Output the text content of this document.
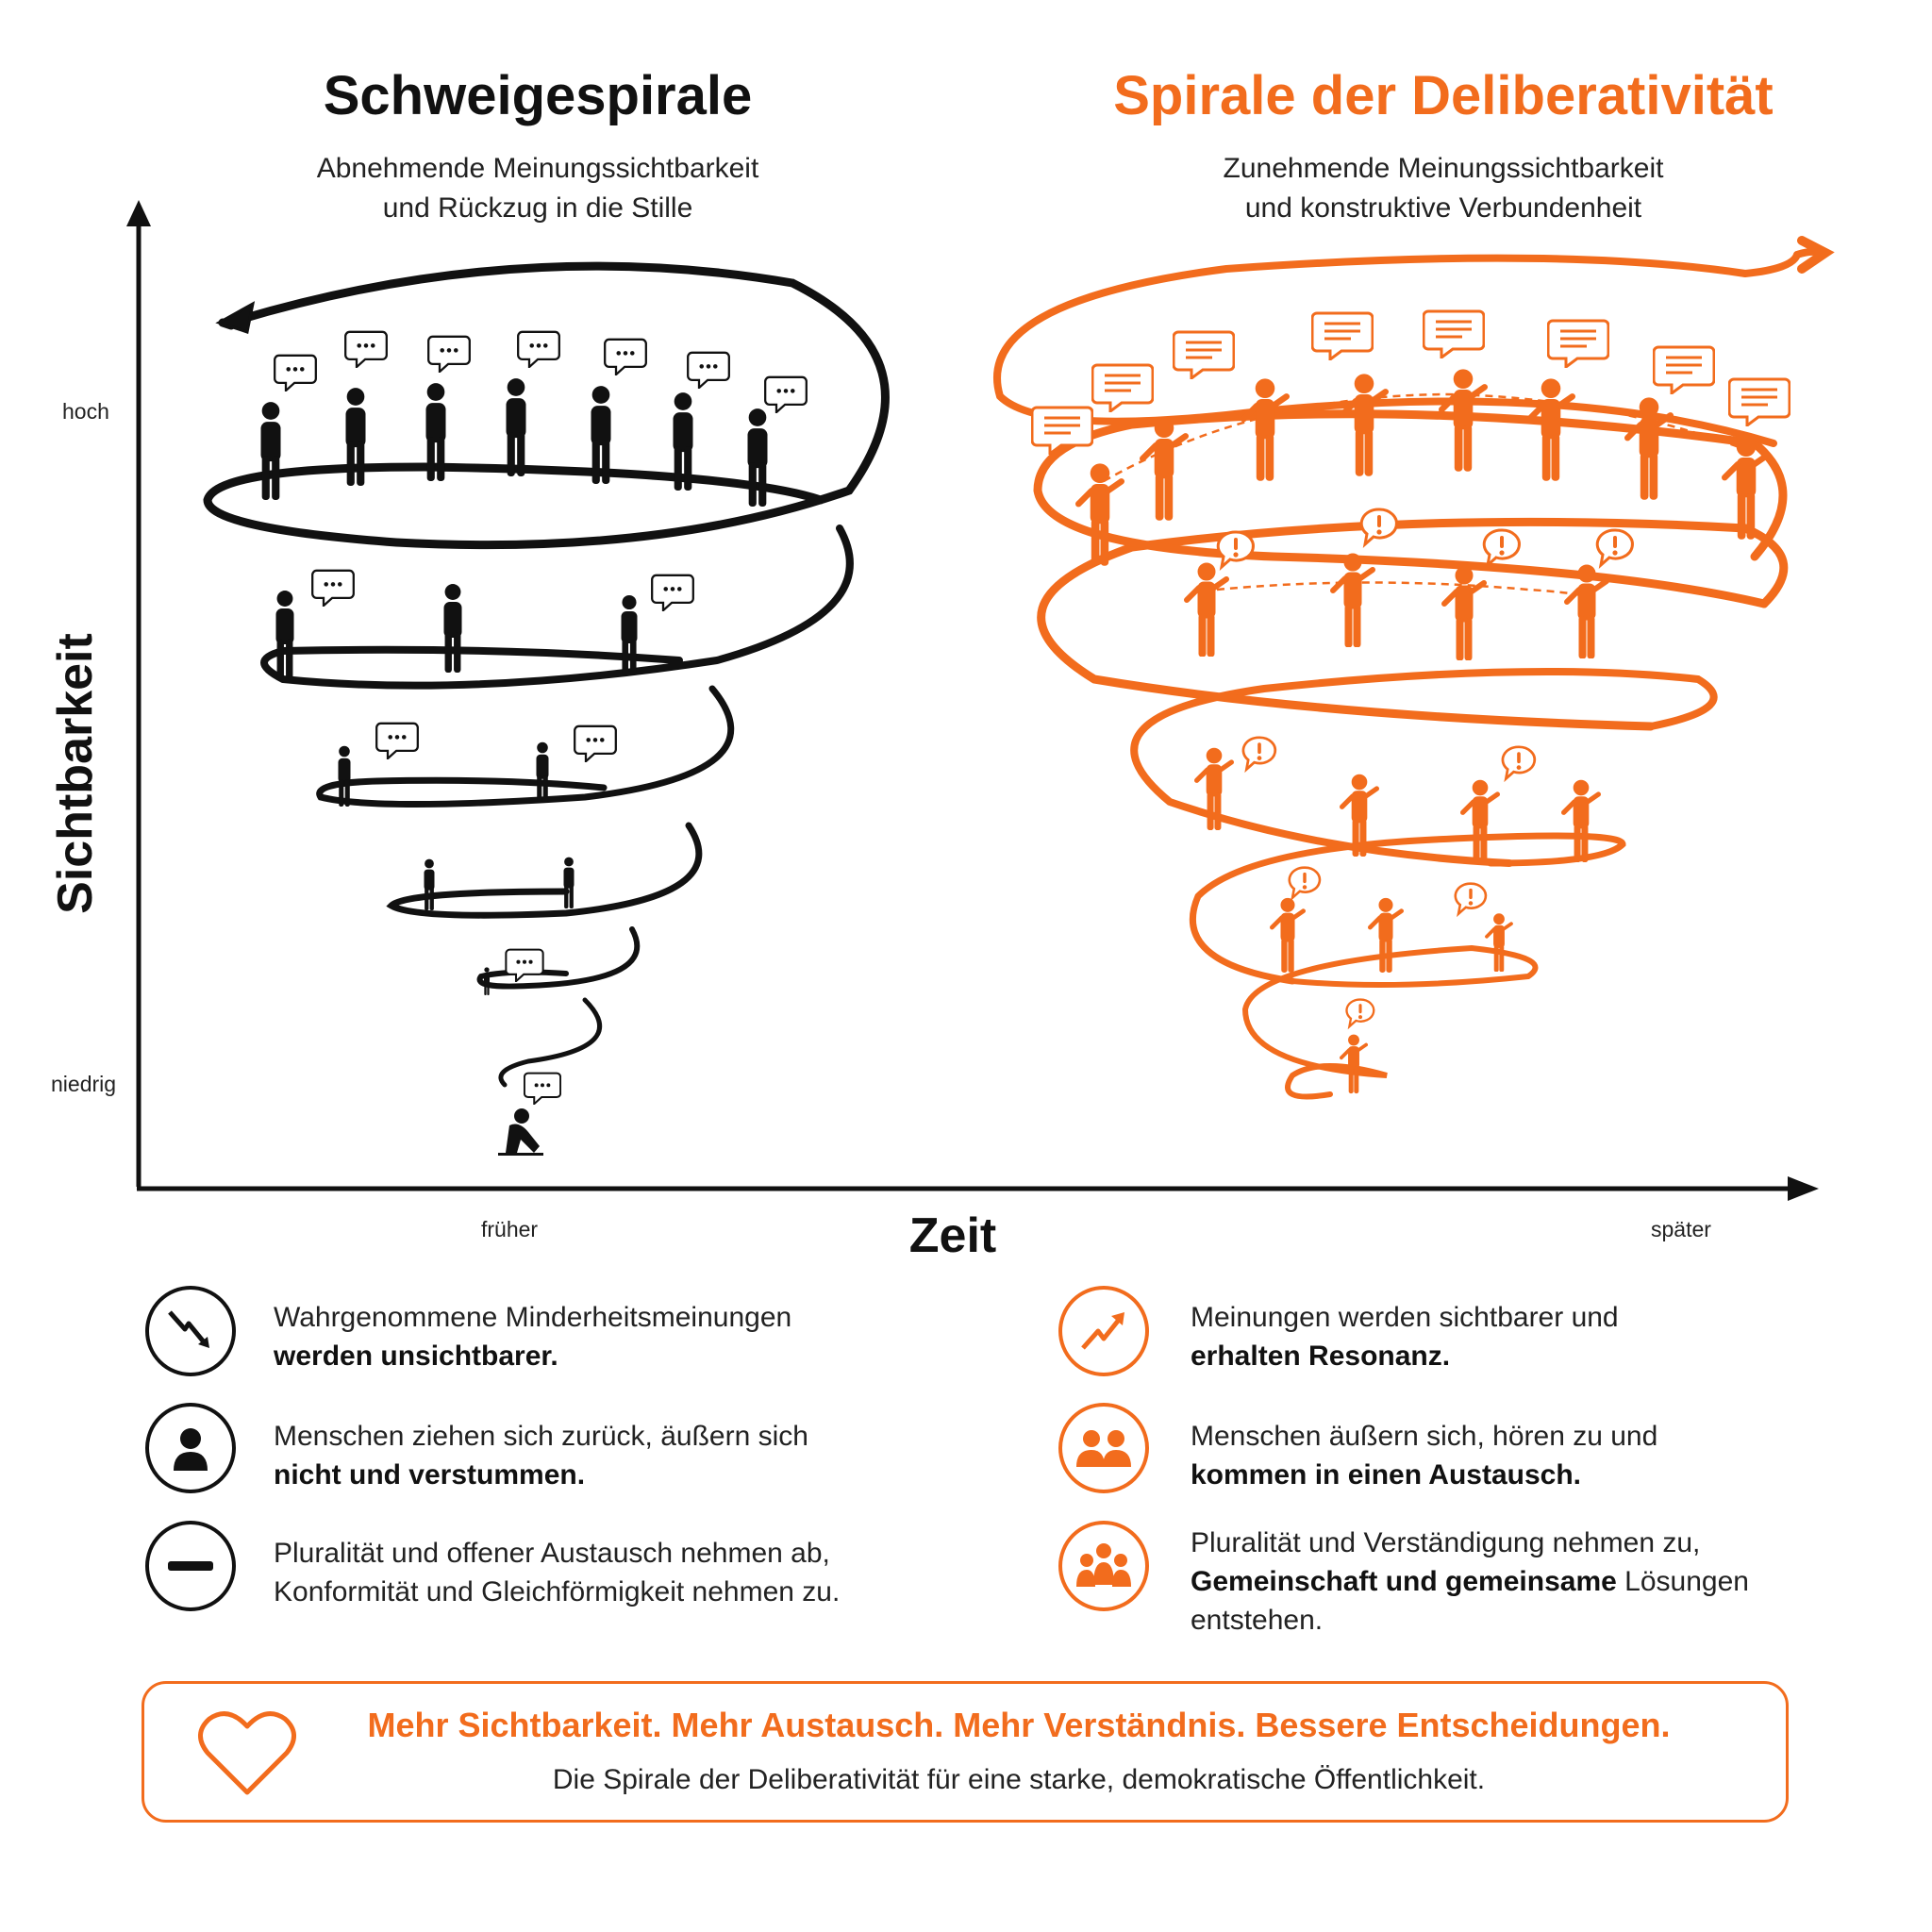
Schweigespirale
Abnehmende Meinungssichtbarkeit
und Rückzug in die Stille
Spirale der Deliberativität
Zunehmende Meinungssichtbarkeit
und konstruktive Verbundenheit
Sichtbarkeit
hoch
niedrig
früher	später
Zeit
Wahrgenommene Minderheitsmeinungen
werden unsichtbarer.
Menschen ziehen sich zurück, äußern sich
nicht und verstummen.
Pluralität und offener Austausch nehmen ab,
Konformität und Gleichförmigkeit nehmen zu.
Meinungen werden sichtbarer und
erhalten Resonanz.
Menschen äußern sich, hören zu und
kommen in einen Austausch.
Pluralität und Verständigung nehmen zu,
Gemeinschaft und gemeinsame Lösungen
entstehen.
Mehr Sichtbarkeit. Mehr Austausch. Mehr Verständnis. Bessere Entscheidungen.
Die Spirale der Deliberativität für eine starke, demokratische Öffentlichkeit.
